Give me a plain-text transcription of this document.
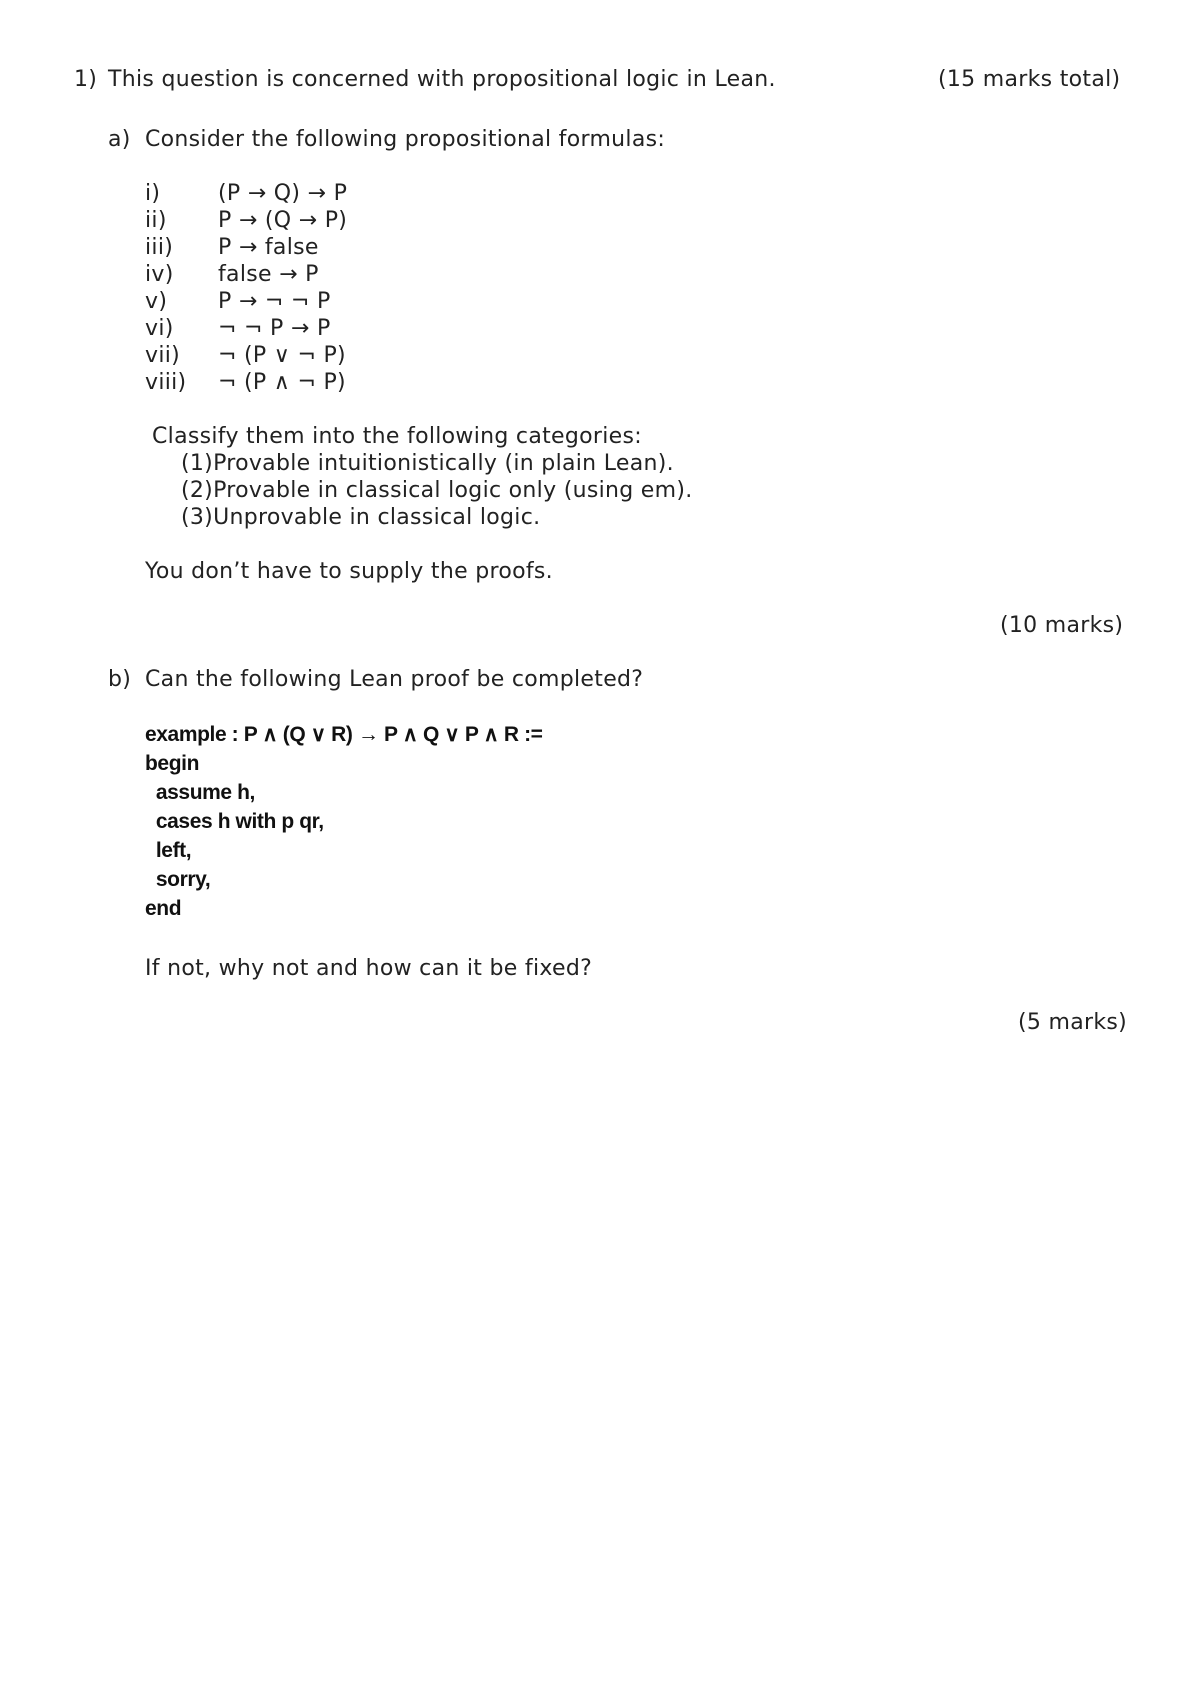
1) This question is concerned with propositional logic in Lean.	(15 marks total)
a) Consider the following propositional formulas:
i)	(P → Q) → P
ii) P → (Q → P)
iii) P → false
iv) false → P
v) P → ¬ ¬ P
vi) ¬ ¬ P → P
vii) ¬ (P ∨ ¬ P)
viii) ¬ (P ∧ ¬ P)
Classify them into the following categories:
(1)Provable intuitionistically (in plain Lean).
(2)Provable in classical logic only (using em).
(3)Unprovable in classical logic.
You don’t have to supply the proofs.
(10 marks)
b) Can the following Lean proof be completed?
example : P ∧ (Q ∨ R) → P ∧ Q ∨ P ∧ R :=
begin
assume h,
cases h with p qr,
left,
sorry,
end
If not, why not and how can it be fixed?
(5 marks)
